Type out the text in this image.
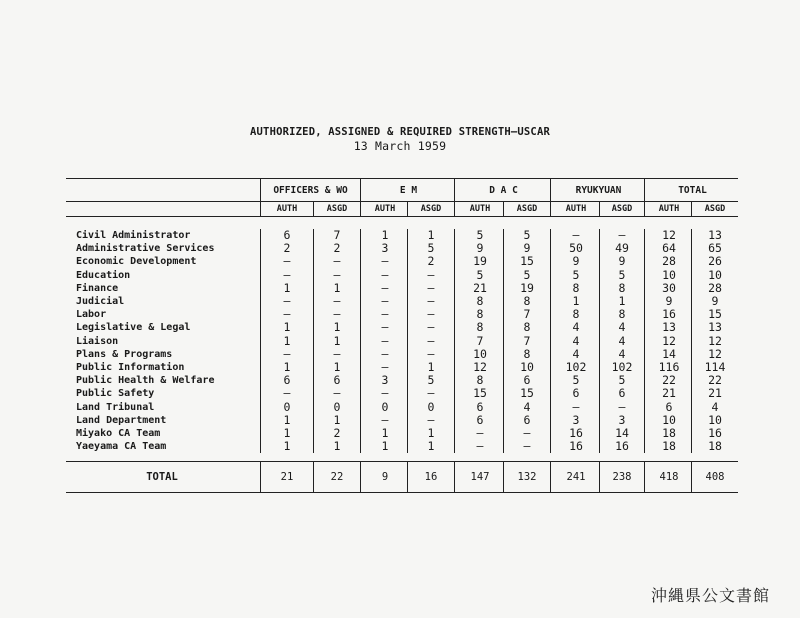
AUTHORIZED, ASSIGNED & REQUIRED STRENGTH—USCAR
13 March 1959
		OFFICERS & WO			E M			D A C			RYUKYUAN			TOTAL	
		AUTH	ASGD		AUTH	ASGD		AUTH	ASGD		AUTH	ASGD		AUTH	ASGD

Civil Administrator		6	7		1	1		5	5		–	–		12	13
Administrative Services		2	2		3	5		9	9		50	49		64	65
Economic Development		–	–		–	2		19	15		9	9		28	26
Education		–	–		–	–		5	5		5	5		10	10
Finance		1	1		–	–		21	19		8	8		30	28
Judicial		–	–		–	–		8	8		1	1		9	9
Labor		–	–		–	–		8	7		8	8		16	15
Legislative & Legal		1	1		–	–		8	8		4	4		13	13
Liaison		1	1		–	–		7	7		4	4		12	12
Plans & Programs		–	–		–	–		10	8		4	4		14	12
Public Information		1	1		–	1		12	10		102	102		116	114
Public Health & Welfare		6	6		3	5		8	6		5	5		22	22
Public Safety		–	–		–	–		15	15		6	6		21	21
Land Tribunal		0	0		0	0		6	4		–	–		6	4
Land Department		1	1		–	–		6	6		3	3		10	10
Miyako CA Team		1	2		1	1		–	–		16	14		18	16
Yaeyama CA Team		1	1		1	1		–	–		16	16		18	18

TOTAL		21	22		9	16		147	132		241	238		418	408
沖縄県公文書館
